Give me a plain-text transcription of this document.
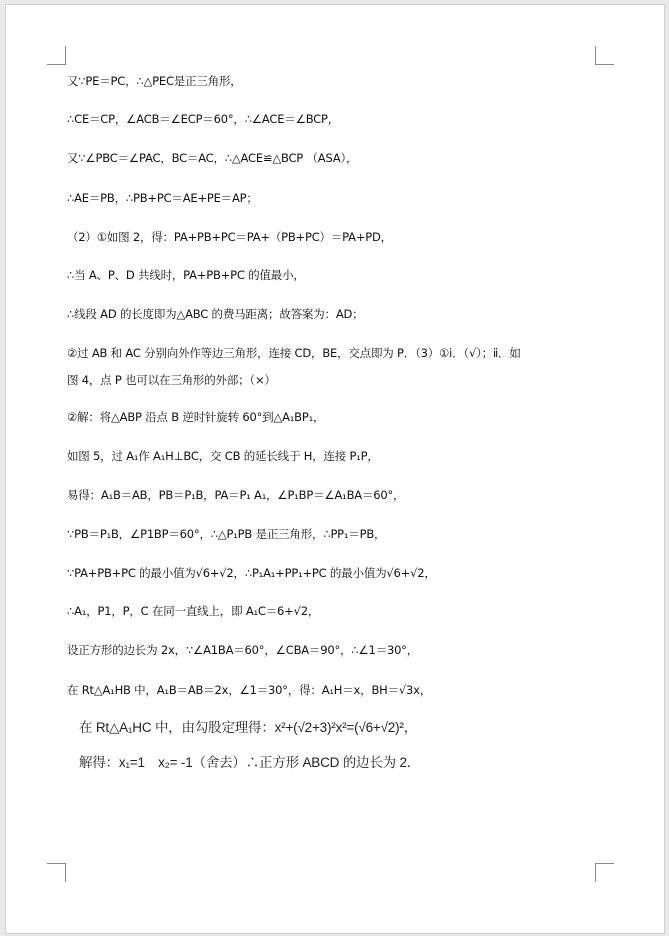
又∵PE＝PC，∴△PEC是正三角形，
∴CE＝CP，∠ACB＝∠ECP＝60°，∴∠ACE＝∠BCP，
又∵∠PBC＝∠PAC，BC＝AC，∴△ACE≌△BCP （ASA），
∴AE＝PB，∴PB+PC＝AE+PE＝AP；
（2）①如图 2，得：PA+PB+PC＝PA+（PB+PC）＝PA+PD，
∴当 A、P、D 共线时，PA+PB+PC 的值最小，
∴线段 AD 的长度即为△ABC 的费马距离；故答案为：AD；
②过 AB 和 AC 分别向外作等边三角形，连接 CD，BE，交点即为 P．（3）①ⅰ．（√）；ⅱ．如
图 4，点 P 也可以在三角形的外部；（×）
②解：将△ABP 沿点 B 逆时针旋转 60°到△A₁BP₁，
如图 5，过 A₁作 A₁H⊥BC，交 CB 的延长线于 H，连接 P₁P，
易得：A₁B＝AB，PB＝P₁B，PA＝P₁ A₁，∠P₁BP＝∠A₁BA＝60°，
∵PB＝P₁B，∠P1BP＝60°，∴△P₁PB 是正三角形，∴PP₁＝PB，
∵PA+PB+PC 的最小值为√6+√2，∴P₁A₁+PP₁+PC 的最小值为√6+√2，
∴A₁，P1，P，C 在同一直线上，即 A₁C＝6+√2，
设正方形的边长为 2x，∵∠A1BA＝60°，∠CBA＝90°，∴∠1＝30°，
在 Rt△A₁HB 中，A₁B＝AB＝2x，∠1＝30°，得：A₁H＝x，BH＝√3x，
在 Rt△A₁HC 中，由勾股定理得：x²+(√2+3)²x²=(√6+√2)²，
解得：x₁=1　x₂= -1（舍去）∴正方形 ABCD 的边长为 2．
